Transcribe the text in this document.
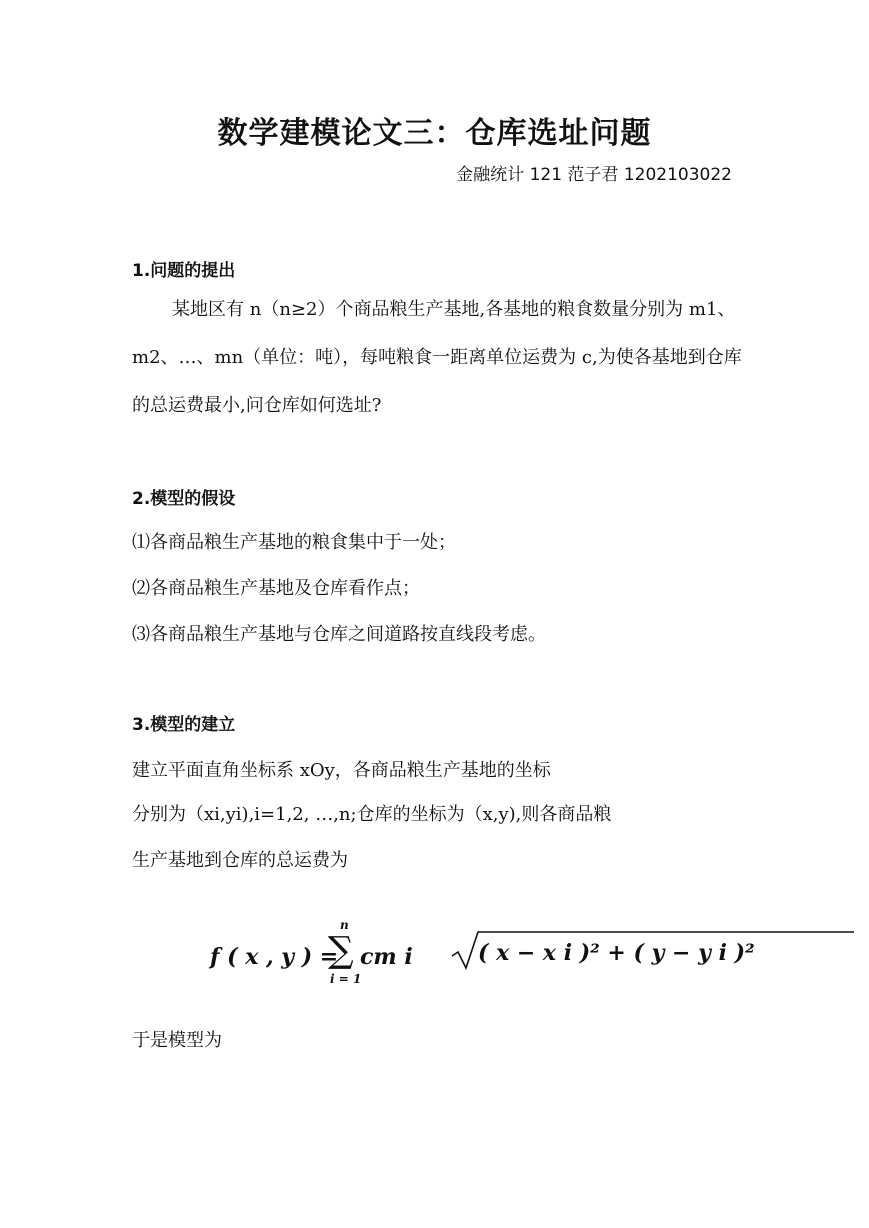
数学建模论文三：仓库选址问题
金融统计 121 范子君 1202103022
1.问题的提出
某地区有 n（n≥2）个商品粮生产基地,各基地的粮食数量分别为 m1、m2、…、mn（单位：吨），每吨粮食一距离单位运费为 c,为使各基地到仓库的总运费最小,问仓库如何选址?
2.模型的假设
⑴各商品粮生产基地的粮食集中于一处；
⑵各商品粮生产基地及仓库看作点；
⑶各商品粮生产基地与仓库之间道路按直线段考虑。
3.模型的建立
建立平面直角坐标系 xOy，各商品粮生产基地的坐标
分别为（xi,yi),i=1,2, …,n;仓库的坐标为（x,y),则各商品粮
生产基地到仓库的总运费为
f ( x , y ) =
n
∑
i = 1
cm i	( x − x i )² + ( y − y i )²
于是模型为
